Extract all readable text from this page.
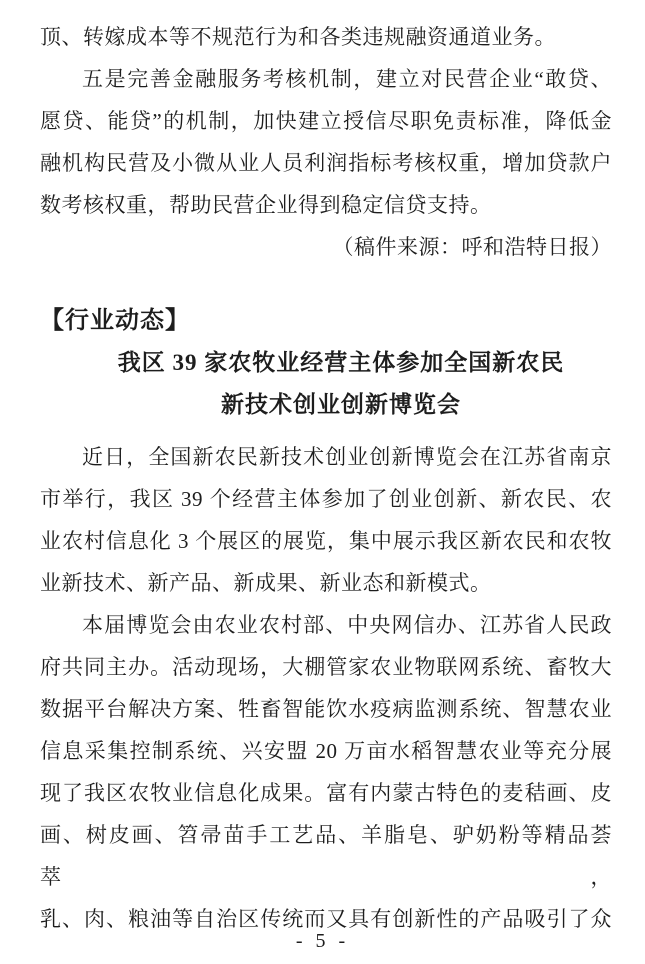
顶、转嫁成本等不规范行为和各类违规融资通道业务。
五是完善金融服务考核机制，建立对民营企业“敢贷、
愿贷、能贷”的机制，加快建立授信尽职免责标准，降低金
融机构民营及小微从业人员利润指标考核权重，增加贷款户
数考核权重，帮助民营企业得到稳定信贷支持。
（稿件来源：呼和浩特日报）
【行业动态】
我区 39 家农牧业经营主体参加全国新农民
新技术创业创新博览会
近日，全国新农民新技术创业创新博览会在江苏省南京
市举行，我区 39 个经营主体参加了创业创新、新农民、农
业农村信息化 3 个展区的展览，集中展示我区新农民和农牧
业新技术、新产品、新成果、新业态和新模式。
本届博览会由农业农村部、中央网信办、江苏省人民政
府共同主办。活动现场，大棚管家农业物联网系统、畜牧大
数据平台解决方案、牲畜智能饮水疫病监测系统、智慧农业
信息采集控制系统、兴安盟 20 万亩水稻智慧农业等充分展
现了我区农牧业信息化成果。富有内蒙古特色的麦秸画、皮
画、树皮画、笤帚苗手工艺品、羊脂皂、驴奶粉等精品荟萃，
乳、肉、粮油等自治区传统而又具有创新性的产品吸引了众
- 5 -
